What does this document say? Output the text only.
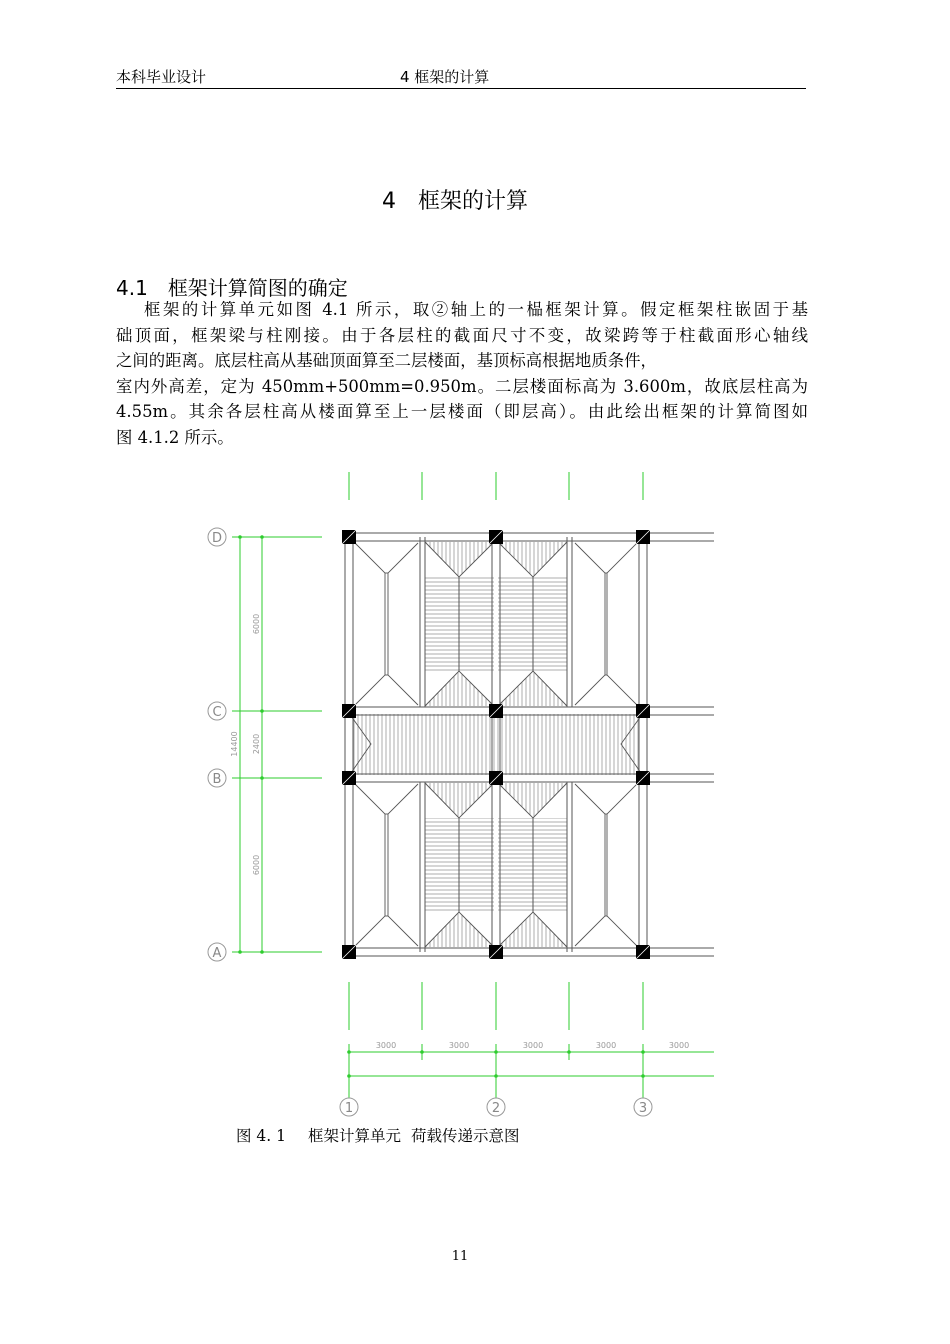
本科毕业设计	4 框架的计算
4 框架的计算
4.1 框架计算简图的确定
框架的计算单元如图 4.1 所示，取②轴上的一榀框架计算。假定框架柱嵌固于基
础顶面，框架梁与柱刚接。由于各层柱的截面尺寸不变，故梁跨等于柱截面形心轴线
之间的距离。底层柱高从基础顶面算至二层楼面，基顶标高根据地质条件，
室内外高差，定为 450mm+500mm=0.950m。二层楼面标高为 3.600m，故底层柱高为
4.55m。其余各层柱高从楼面算至上一层楼面（即层高）。由此绘出框架的计算简图如
图 4.1.2 所示。
D
C
B
A
1	2	3
6000
2400
6000
14400
3000	3000	3000	3000	3000
图 4. 1 框架计算单元 荷载传递示意图
11
